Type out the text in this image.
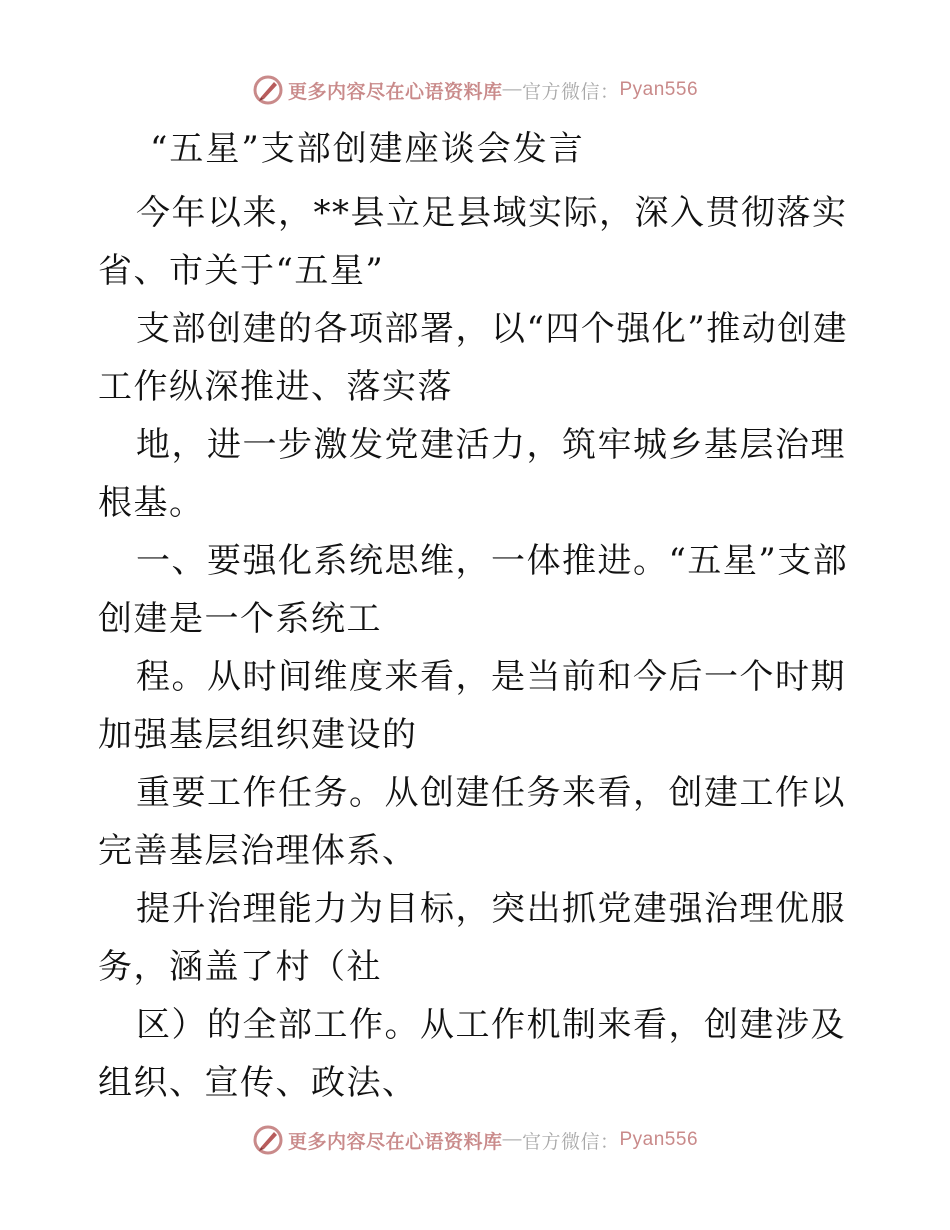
更多内容尽在心语资料库 — 官方微信： Pyan556
“五星”支部创建座谈会发言

今年以来，**县立足县域实际，深入贯彻落实省、市关于“五星”

支部创建的各项部署，以“四个强化”推动创建工作纵深推进、落实落

地，进一步激发党建活力，筑牢城乡基层治理根基。

一、要强化系统思维，一体推进。“五星”支部创建是一个系统工

程。从时间维度来看，是当前和今后一个时期加强基层组织建设的

重要工作任务。从创建任务来看，创建工作以完善基层治理体系、

提升治理能力为目标，突出抓党建强治理优服务，涵盖了村（社

区）的全部工作。从工作机制来看，创建涉及组织、宣传、政法、

更多内容尽在心语资料库 — 官方微信： Pyan556
